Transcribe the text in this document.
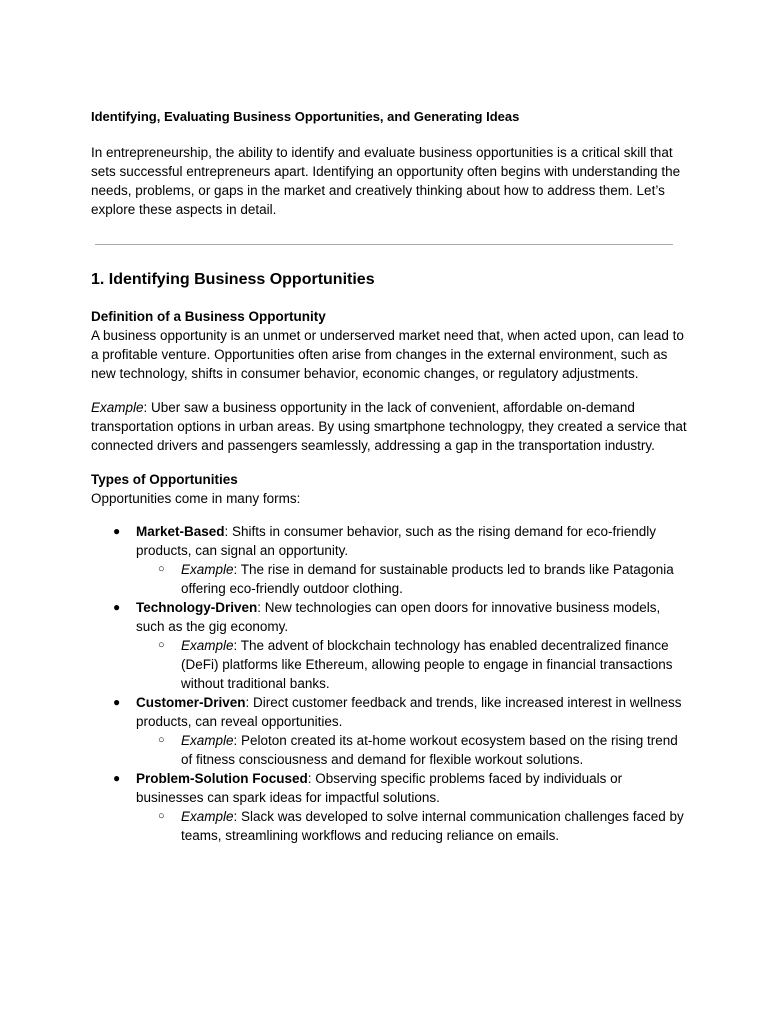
Identifying, Evaluating Business Opportunities, and Generating Ideas

In entrepreneurship, the ability to identify and evaluate business opportunities is a critical skill that sets successful entrepreneurs apart. Identifying an opportunity often begins with understanding the needs, problems, or gaps in the market and creatively thinking about how to address them. Let’s explore these aspects in detail.

1. Identifying Business Opportunities

Definition of a Business Opportunity

A business opportunity is an unmet or underserved market need that, when acted upon, can lead to a profitable venture. Opportunities often arise from changes in the external environment, such as new technology, shifts in consumer behavior, economic changes, or regulatory adjustments.

Example: Uber saw a business opportunity in the lack of convenient, affordable on-demand transportation options in urban areas. By using smartphone technologpy, they created a service that connected drivers and passengers seamlessly, addressing a gap in the transportation industry.

Types of Opportunities

Opportunities come in many forms:

● Market-Based: Shifts in consumer behavior, such as the rising demand for eco-friendly products, can signal an opportunity.
○ Example: The rise in demand for sustainable products led to brands like Patagonia offering eco-friendly outdoor clothing.
● Technology-Driven: New technologies can open doors for innovative business models, such as the gig economy.
○ Example: The advent of blockchain technology has enabled decentralized finance (DeFi) platforms like Ethereum, allowing people to engage in financial transactions without traditional banks.
● Customer-Driven: Direct customer feedback and trends, like increased interest in wellness products, can reveal opportunities.
○ Example: Peloton created its at-home workout ecosystem based on the rising trend of fitness consciousness and demand for flexible workout solutions.
● Problem-Solution Focused: Observing specific problems faced by individuals or businesses can spark ideas for impactful solutions.
○ Example: Slack was developed to solve internal communication challenges faced by teams, streamlining workflows and reducing reliance on emails.
